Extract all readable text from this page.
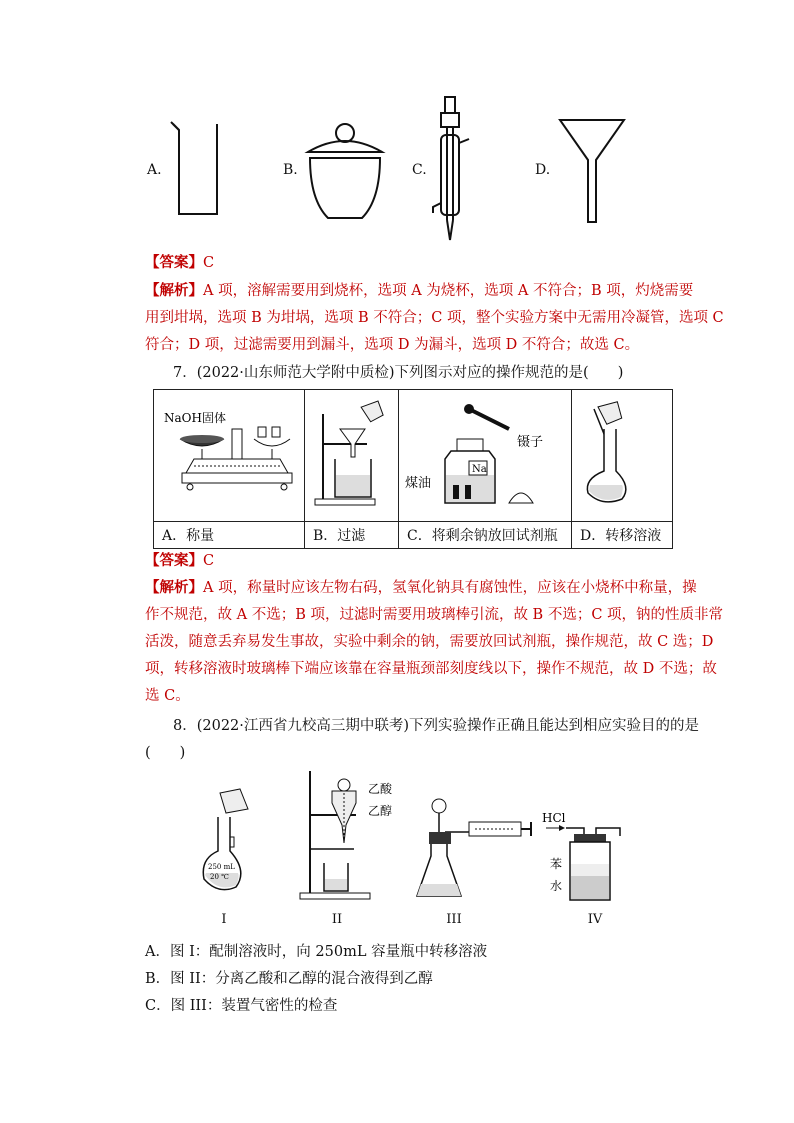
A.	B.	C.	D.
【答案】C
【解析】A 项，溶解需要用到烧杯，选项 A 为烧杯，选项 A 不符合；B 项，灼烧需要
用到坩埚，选项 B 为坩埚，选项 B 不符合；C 项，整个实验方案中无需用冷凝管，选项 C
符合；D 项，过滤需要用到漏斗，选项 D 为漏斗，选项 D 不符合；故选 C。
7．(2022·山东师范大学附中质检)下列图示对应的操作规范的是(　　)
NaOH固体		镊子
Na
煤油

A．称量	B．过滤	C．将剩余钠放回试剂瓶	D．转移溶液
【答案】C
【解析】A 项，称量时应该左物右码，氢氧化钠具有腐蚀性，应该在小烧杯中称量，操
作不规范，故 A 不选；B 项，过滤时需要用玻璃棒引流，故 B 不选；C 项，钠的性质非常
活泼，随意丢弃易发生事故，实验中剩余的钠，需要放回试剂瓶，操作规范，故 C 选；D
项，转移溶液时玻璃棒下端应该靠在容量瓶颈部刻度线以下，操作不规范，故 D 不选；故
选 C。
8．(2022·江西省九校高三期中联考)下列实验操作正确且能达到相应实验目的的是
(　　)
250 mL
20 ℃
乙酸
乙醇	HCl
苯
水
I	II	III	IV
A．图 I：配制溶液时，向 250mL 容量瓶中转移溶液
B．图 II：分离乙酸和乙醇的混合液得到乙醇
C．图 III：装置气密性的检查
